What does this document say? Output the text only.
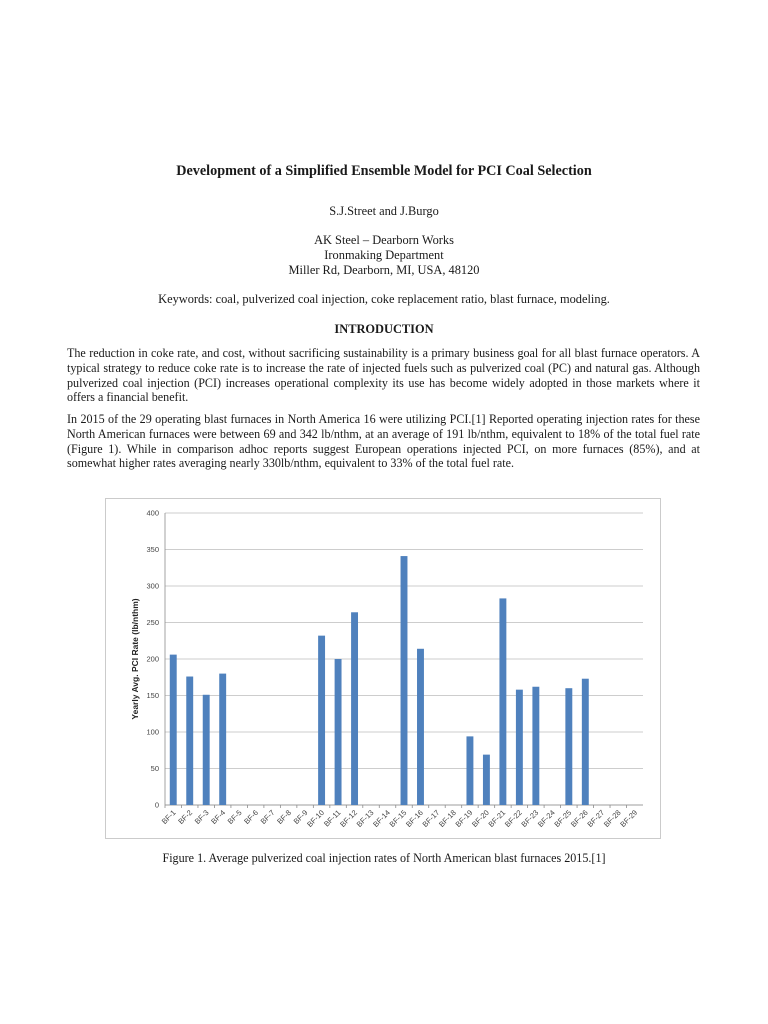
Development of a Simplified Ensemble Model for PCI Coal Selection
S.J.Street and J.Burgo
AK Steel – Dearborn Works
Ironmaking Department
Miller Rd, Dearborn, MI, USA, 48120
Keywords: coal, pulverized coal injection, coke replacement ratio, blast furnace, modeling.
INTRODUCTION

The reduction in coke rate, and cost, without sacrificing sustainability is a primary business goal for all blast furnace operators. A typical strategy to reduce coke rate is to increase the rate of injected fuels such as pulverized coal (PC) and natural gas. Although pulverized coal injection (PCI) increases operational complexity its use has become widely adopted in those markets where it offers a financial benefit.

In 2015 of the 29 operating blast furnaces in North America 16 were utilizing PCI.[1] Reported operating injection rates for these North American furnaces were between 69 and 342 lb/nthm, at an average of 191 lb/nthm, equivalent to 18% of the total fuel rate (Figure 1). While in comparison adhoc reports suggest European operations injected PCI, on more furnaces (85%), and at somewhat higher rates averaging nearly 330lb/nthm, equivalent to 33% of the total fuel rate.

0
50
100
150
200
250
300
350
400
BF-1
BF-2
BF-3
BF-4
BF-5
BF-6
BF-7
BF-8
BF-9
BF-10
BF-11
BF-12
BF-13
BF-14
BF-15
BF-16
BF-17
BF-18
BF-19
BF-20
BF-21
BF-22
BF-23
BF-24
BF-25
BF-26
BF-27
BF-28
BF-29
Yearly Avg. PCI Rate (lb/nthm)
Figure 1. Average pulverized coal injection rates of North American blast furnaces 2015.[1]
